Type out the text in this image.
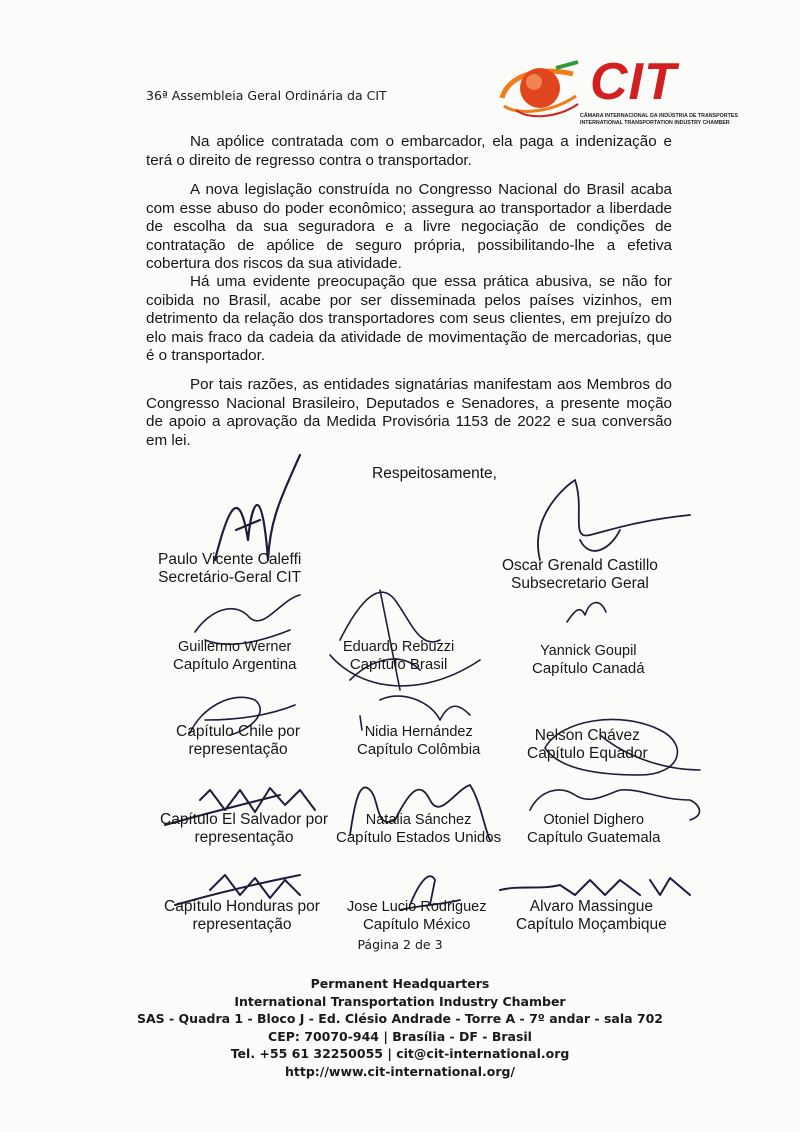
36ª Assembleia Geral Ordinária da CIT	CIT
CÂMARA INTERNACIONAL DA INDÚSTRIA DE TRANSPORTES
INTERNATIONAL TRANSPORTATION INDUSTRY CHAMBER

Na apólice contratada com o embarcador, ela paga a indenização e terá o direito de regresso contra o transportador.

A nova legislação construída no Congresso Nacional do Brasil acaba com esse abuso do poder econômico; assegura ao transportador a liberdade de escolha da sua seguradora e a livre negociação de condições de contratação de apólice de seguro própria, possibilitando-lhe a efetiva cobertura dos riscos da sua atividade.

Há uma evidente preocupação que essa prática abusiva, se não for coibida no Brasil, acabe por ser disseminada pelos países vizinhos, em detrimento da relação dos transportadores com seus clientes, em prejuízo do elo mais fraco da cadeia da atividade de movimentação de mercadorias, que é o transportador.

Por tais razões, as entidades signatárias manifestam aos Membros do Congresso Nacional Brasileiro, Deputados e Senadores, a presente moção de apoio a aprovação da Medida Provisória 1153 de 2022 e sua conversão em lei.

Respeitosamente,
Paulo Vicente Caleffi
Secretário-Geral CIT
Oscar Grenald Castillo
Subsecretario Geral
Guillermo Werner
Capítulo Argentina
Eduardo Rebuzzi
Capítulo Brasil
Yannick Goupil
Capítulo Canadá
Capítulo Chile por
representação
Nidia Hernández
Capítulo Colômbia
Nelson Chávez
Capítulo Equador
Capítulo El Salvador por
representação
Natalia Sánchez
Capítulo Estados Unidos
Otoniel Dighero
Capítulo Guatemala
Capítulo Honduras por
representação
Jose Lucio Rodriguez
Capítulo México
Alvaro Massingue
Capítulo Moçambique
Página 2 de 3
Permanent Headquarters
International Transportation Industry Chamber
SAS - Quadra 1 - Bloco J - Ed. Clésio Andrade - Torre A - 7º andar - sala 702
CEP: 70070-944 | Brasília - DF - Brasil
Tel. +55 61 32250055 | cit@cit-international.org
http://www.cit-international.org/
